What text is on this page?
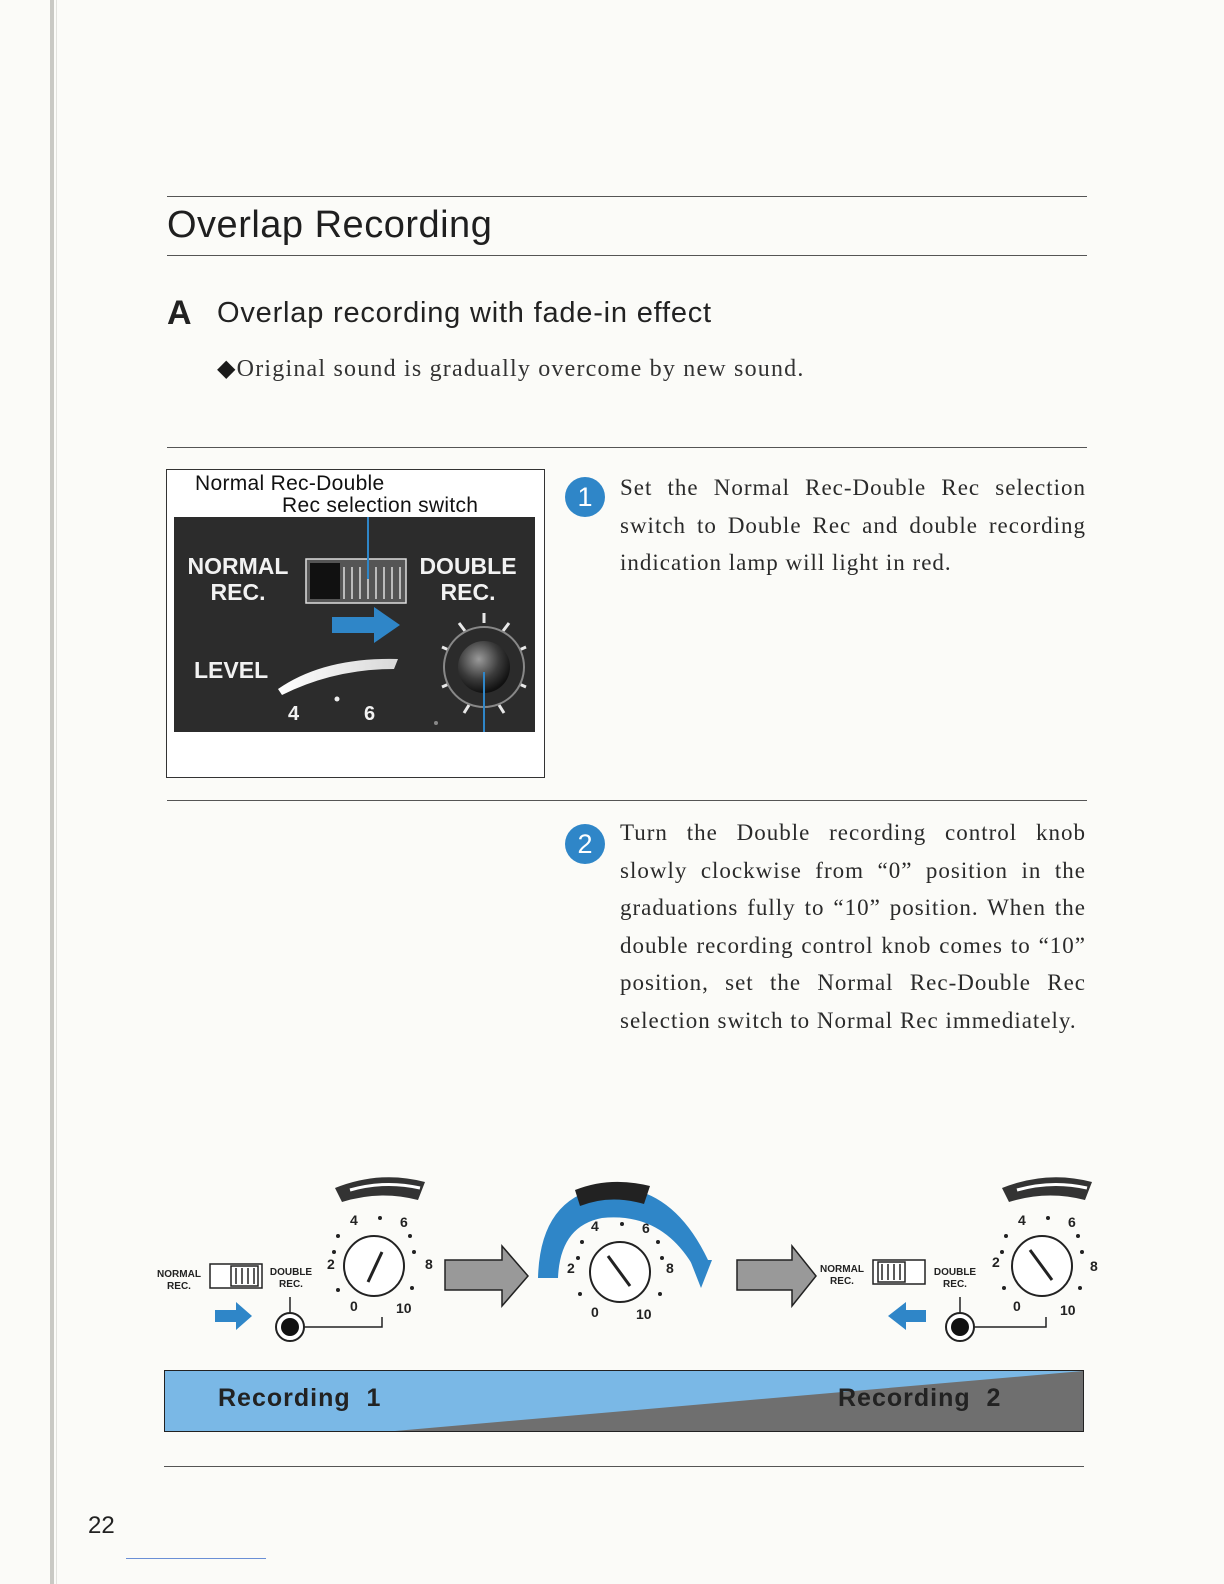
Overlap Recording
A Overlap recording with fade-in effect
◆Original sound is gradually overcome by new sound.
Normal Rec-Double
Rec selection switch
NORMAL
REC.
DOUBLE
REC.
LEVEL
4	6
1	Set the Normal Rec-Double Rec selection switch to Double Rec and double recording indication lamp will light in red.
2	Turn the Double recording control knob slowly clockwise from “0” position in the graduations fully to “10” position. When the double recording control knob comes to “10” position, set the Normal Rec-Double Rec selection switch to Normal Rec immediately.
NORMAL
REC.
DOUBLE
REC.
2
4	6
8
0	10
2
4	6
8
0	10
NORMAL
REC.
DOUBLE
REC.
2
4	6
8
0	10
Recording 1	Recording 2
22
